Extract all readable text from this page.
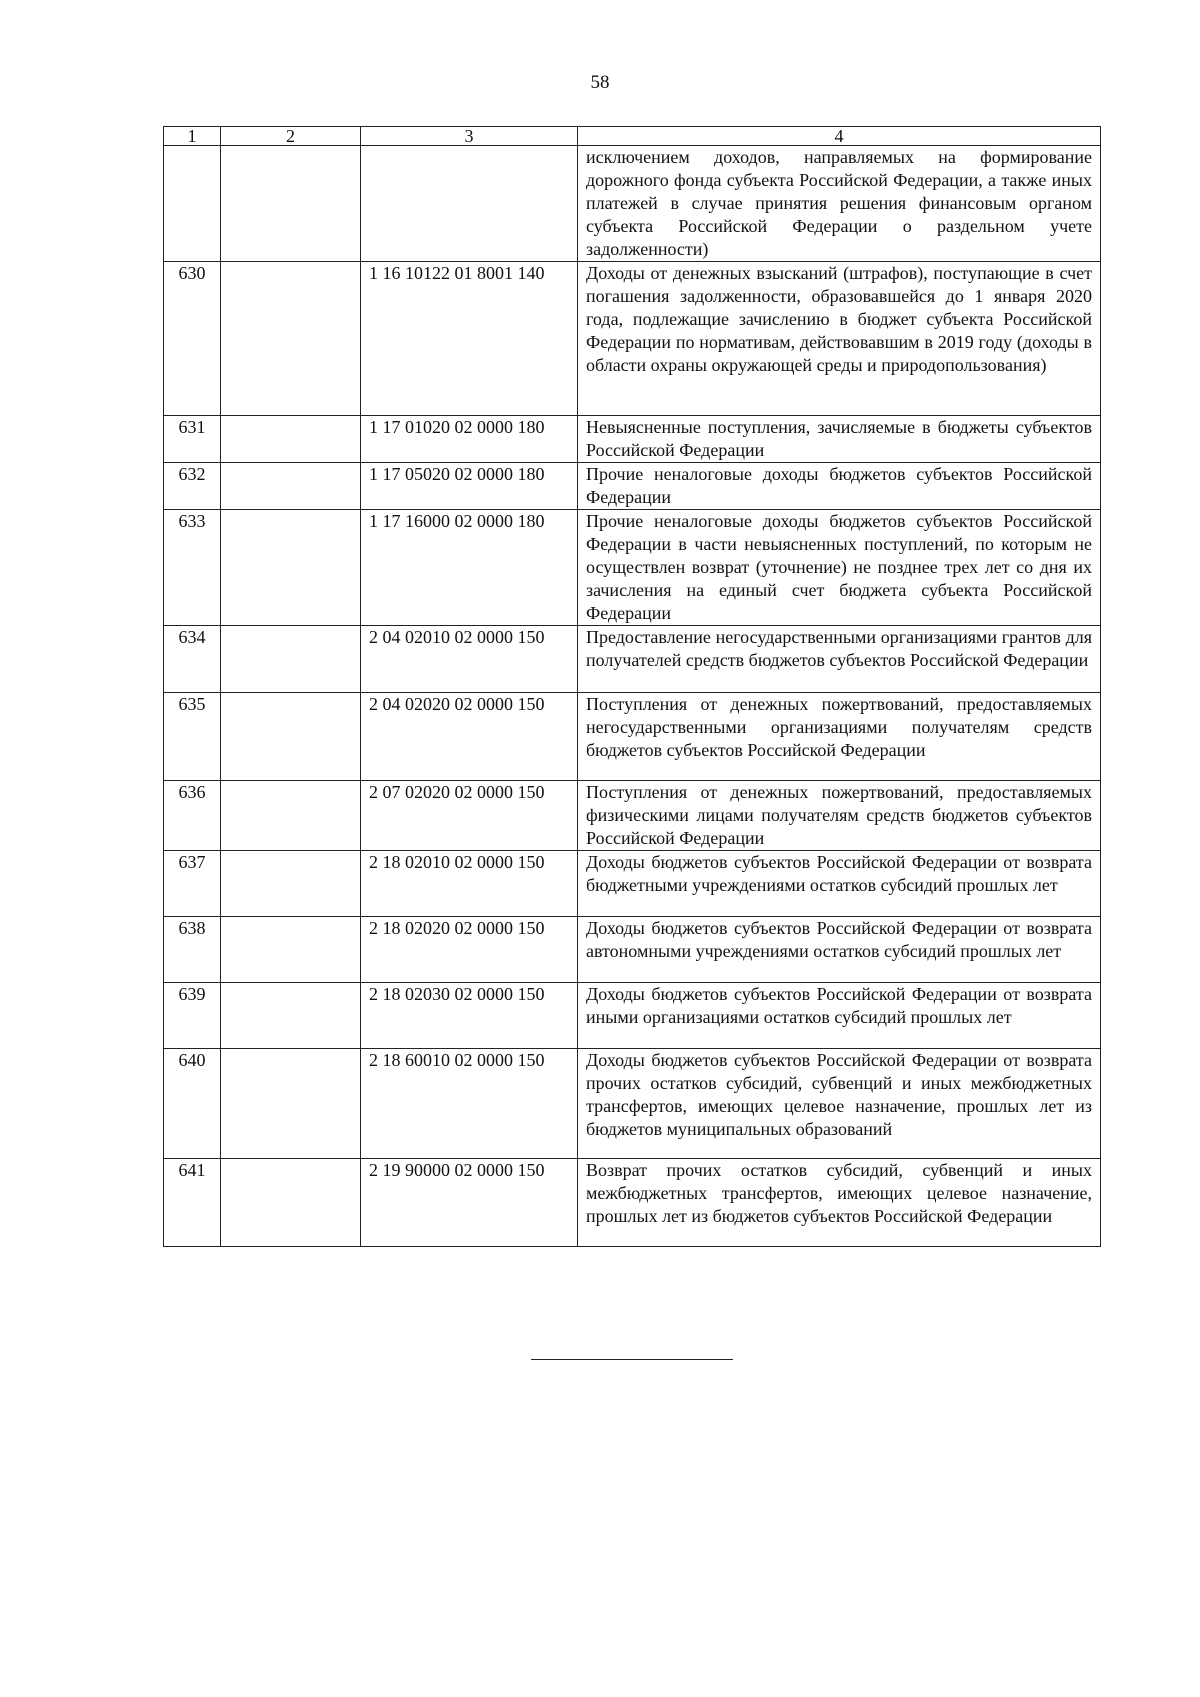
58
1	2	3	4
			исключением доходов, направляемых на формирование дорожного фонда субъекта Российской Федерации, а также иных платежей в случае принятия решения финансовым органом субъекта Российской Федерации о раздельном учете задолженности)
630		1 16 10122 01 8001 140	Доходы от денежных взысканий (штрафов), поступающие в счет погашения задолженности, образовавшейся до 1 января 2020 года, подлежащие зачислению в бюджет субъекта Российской Федерации по нормативам, действовавшим в 2019 году (доходы в области охраны окружающей среды и природопользования)
631		1 17 01020 02 0000 180	Невыясненные поступления, зачисляемые в бюджеты субъектов Российской Федерации
632		1 17 05020 02 0000 180	Прочие неналоговые доходы бюджетов субъектов Российской Федерации
633		1 17 16000 02 0000 180	Прочие неналоговые доходы бюджетов субъектов Российской Федерации в части невыясненных поступлений, по которым не осуществлен возврат (уточнение) не позднее трех лет со дня их зачисления на единый счет бюджета субъекта Российской Федерации
634		2 04 02010 02 0000 150	Предоставление негосударственными организациями грантов для получателей средств бюджетов субъектов Российской Федерации
635		2 04 02020 02 0000 150	Поступления от денежных пожертвований, предоставляемых негосударственными организациями получателям средств бюджетов субъектов Российской Федерации
636		2 07 02020 02 0000 150	Поступления от денежных пожертвований, предоставляемых физическими лицами получателям средств бюджетов субъектов Российской Федерации
637		2 18 02010 02 0000 150	Доходы бюджетов субъектов Российской Федерации от возврата бюджетными учреждениями остатков субсидий прошлых лет
638		2 18 02020 02 0000 150	Доходы бюджетов субъектов Российской Федерации от возврата автономными учреждениями остатков субсидий прошлых лет
639		2 18 02030 02 0000 150	Доходы бюджетов субъектов Российской Федерации от возврата иными организациями остатков субсидий прошлых лет
640		2 18 60010 02 0000 150	Доходы бюджетов субъектов Российской Федерации от возврата прочих остатков субсидий, субвенций и иных межбюджетных трансфертов, имеющих целевое назначение, прошлых лет из бюджетов муниципальных образований
641		2 19 90000 02 0000 150	Возврат прочих остатков субсидий, субвенций и иных межбюджетных трансфертов, имеющих целевое назначение, прошлых лет из бюджетов субъектов Российской Федерации
